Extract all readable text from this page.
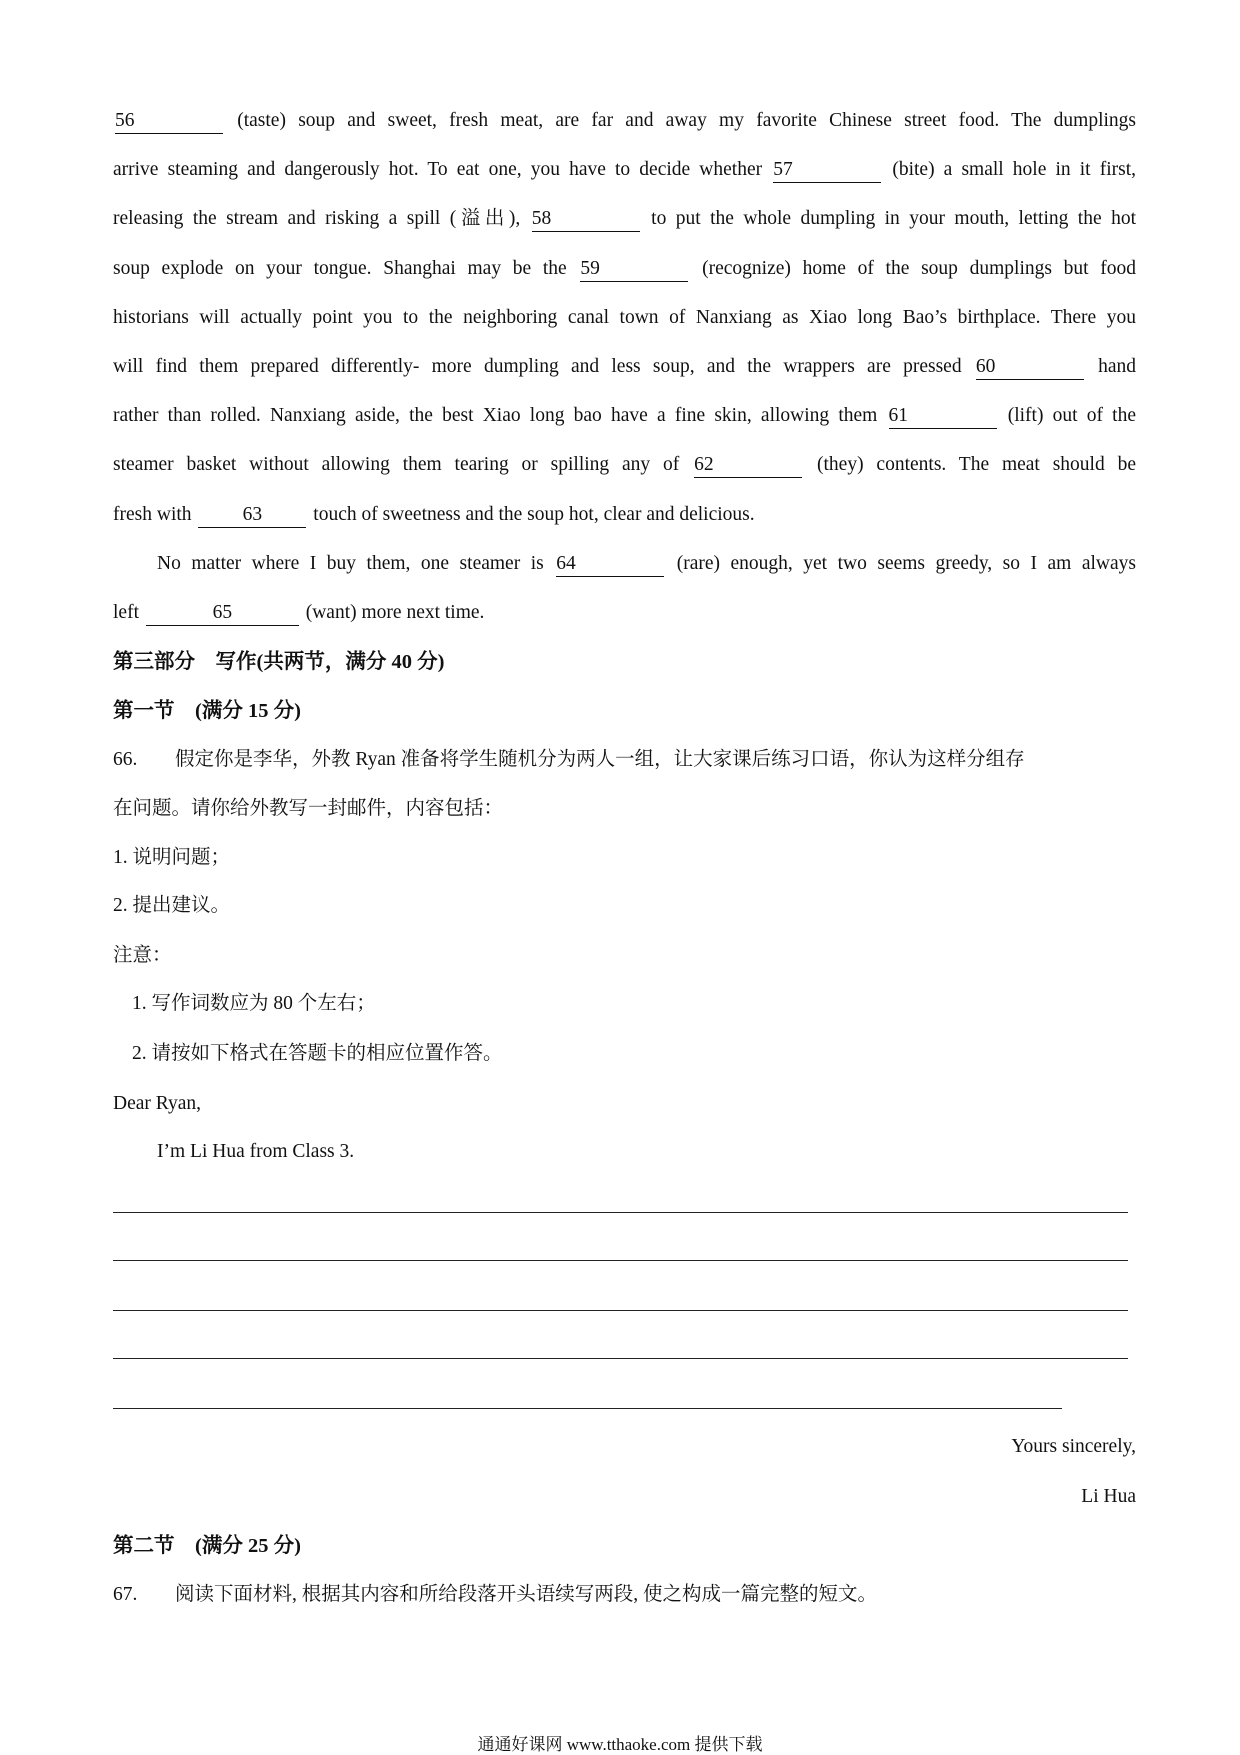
56	(taste) soup and sweet, fresh meat, are far and away my favorite Chinese street food. The dumplings
arrive steaming and dangerously hot. To eat one, you have to decide whether 57	(bite) a small hole in it first,
releasing the stream and risking a spill (溢出), 58	to put the whole dumpling in your mouth, letting the hot
soup explode on your tongue. Shanghai may be the 59	(recognize) home of the soup dumplings but food
historians will actually point you to the neighboring canal town of Nanxiang as Xiao long Bao’s birthplace. There you
will find them prepared differently- more dumpling and less soup, and the wrappers are pressed 60	hand
rather than rolled. Nanxiang aside, the best Xiao long bao have a fine skin, allowing them 61	(lift) out of the
steamer basket without allowing them tearing or spilling any of 62	(they) contents. The meat should be
fresh with 63 touch of sweetness and the soup hot, clear and delicious.
No matter where I buy them, one steamer is 64	(rare) enough, yet two seems greedy, so I am always
left	65	(want) more next time.
第三部分　写作(共两节，满分 40 分)
第一节　(满分 15 分)
66. 假定你是李华，外教 Ryan 准备将学生随机分为两人一组，让大家课后练习口语，你认为这样分组存
在问题。请你给外教写一封邮件，内容包括：
1. 说明问题；
2. 提出建议。
注意：
1. 写作词数应为 80 个左右；
2. 请按如下格式在答题卡的相应位置作答。
Dear Ryan,
I’m Li Hua from Class 3.
Yours sincerely,
Li Hua
第二节　(满分 25 分)
67. 阅读下面材料, 根据其内容和所给段落开头语续写两段, 使之构成一篇完整的短文。
通通好课网 www.tthaoke.com 提供下载
